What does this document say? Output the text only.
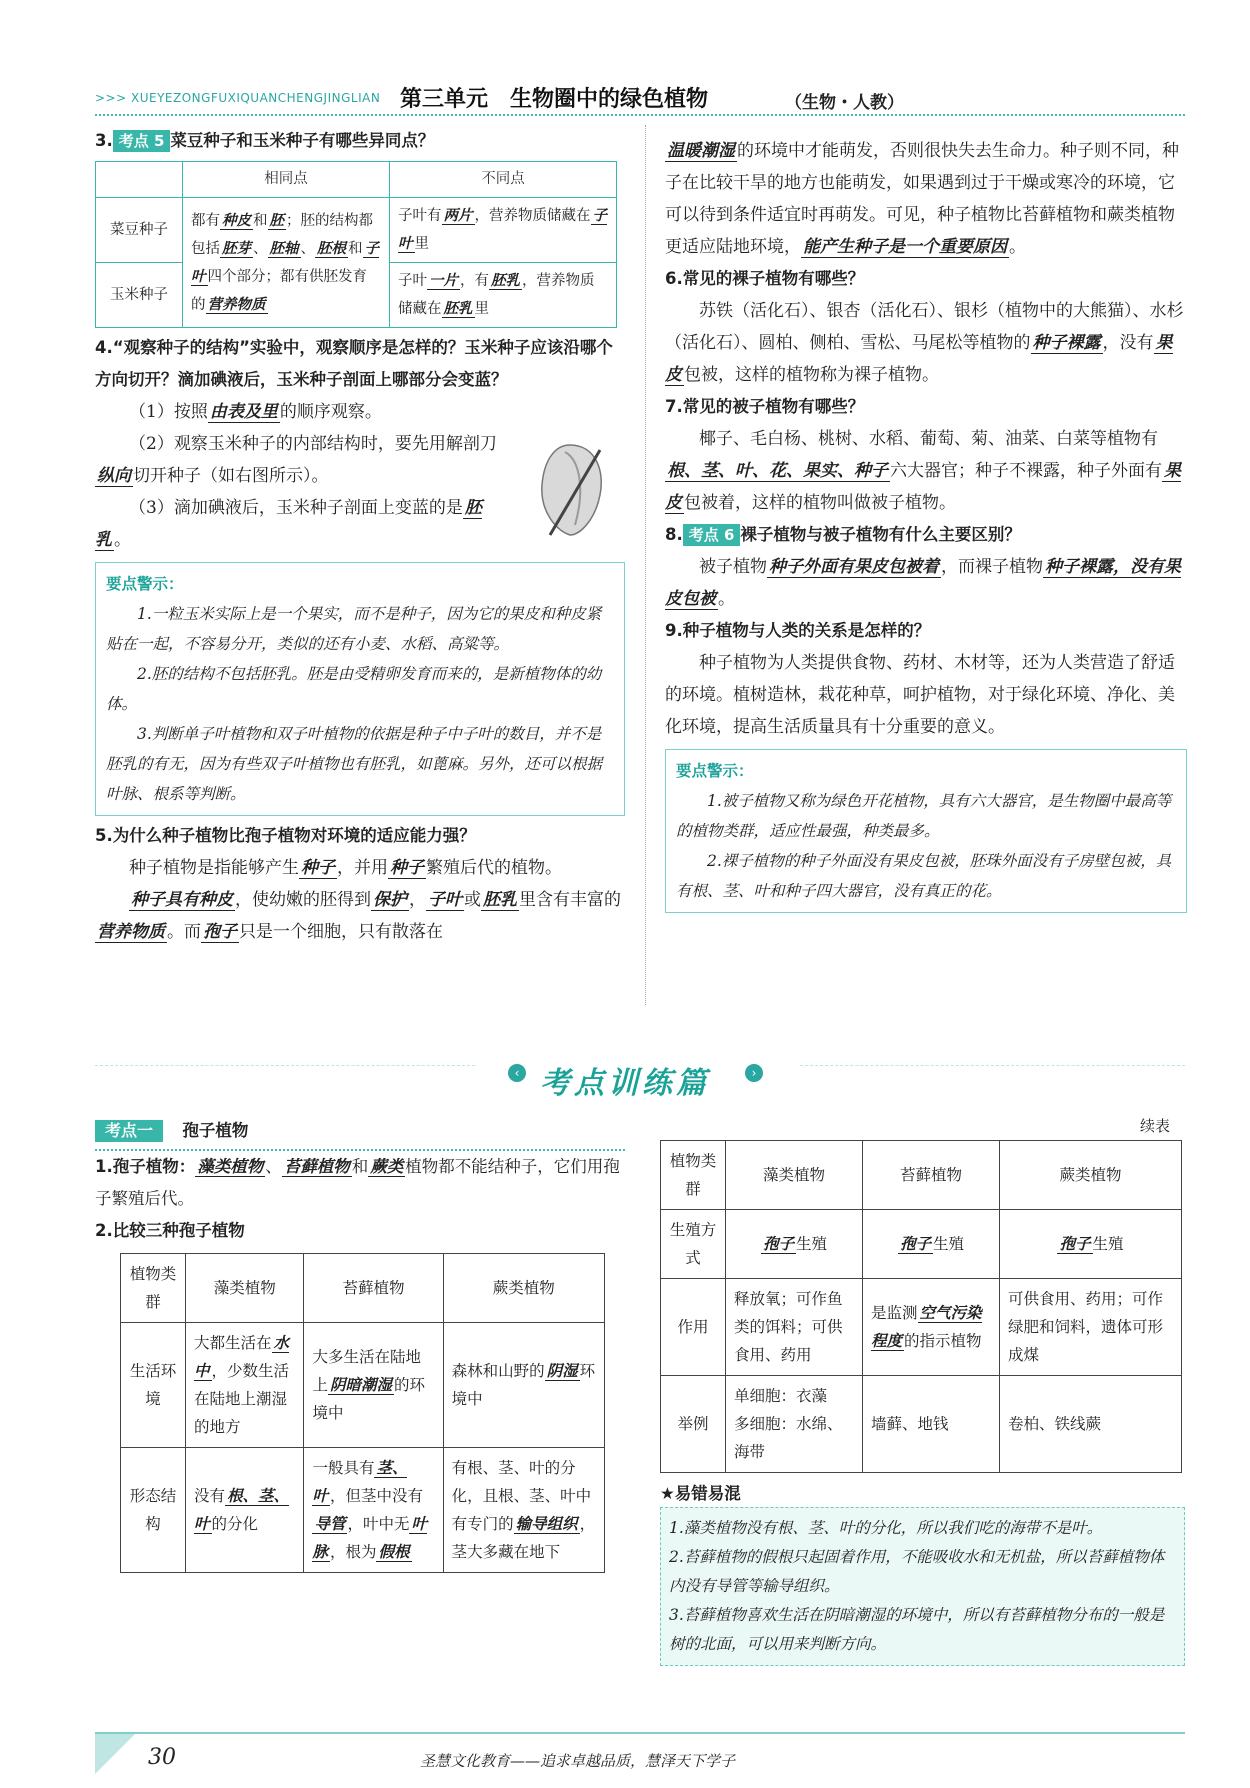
>>> XUEYEZONGFUXIQUANCHENGJINGLIAN 第三单元　生物圈中的绿色植物	（生物・人教）

3. 考点 5 菜豆种子和玉米种子有哪些异同点？

	相同点	不同点
菜豆种子	都有 种皮 和 胚 ；胚的结构都包括 胚芽 、 胚轴 、 胚根 和 子叶 四个部分；都有供胚发育的 营养物质	子叶有 两片 ，营养物质储藏在 子叶 里
玉米种子		子叶 一片 ，有 胚乳 ，营养物质储藏在 胚乳 里

4.“观察种子的结构”实验中，观察顺序是怎样的？玉米种子应该沿哪个方向切开？滴加碘液后，玉米种子剖面上哪部分会变蓝？

（1）按照 由表及里 的顺序观察。

（2）观察玉米种子的内部结构时，要先用解剖刀纵向 切开种子（如右图所示）。

（3）滴加碘液后，玉米种子剖面上变蓝的是 胚乳 。

要点警示：

1.一粒玉米实际上是一个果实，而不是种子，因为它的果皮和种皮紧贴在一起，不容易分开，类似的还有小麦、水稻、高粱等。

2.胚的结构不包括胚乳。胚是由受精卵发育而来的，是新植物体的幼体。

3.判断单子叶植物和双子叶植物的依据是种子中子叶的数目，并不是胚乳的有无，因为有些双子叶植物也有胚乳，如蓖麻。另外，还可以根据叶脉、根系等判断。

5.为什么种子植物比孢子植物对环境的适应能力强？

种子植物是指能够产生 种子 ，并用 种子 繁殖后代的植物。

种子具有种皮 ，使幼嫩的胚得到 保护 ， 子叶 或 胚乳 里含有丰富的营养物质 。而 孢子 只是一个细胞，只有散落在

温暖潮湿 的环境中才能萌发，否则很快失去生命力。种子则不同，种子在比较干旱的地方也能萌发，如果遇到过于干燥或寒冷的环境，它可以待到条件适宜时再萌发。可见，种子植物比苔藓植物和蕨类植物更适应陆地环境， 能产生种子是一个重要原因 。

6.常见的裸子植物有哪些？

苏铁（活化石）、银杏（活化石）、银杉（植物中的大熊猫）、水杉（活化石）、圆柏、侧柏、雪松、马尾松等植物的 种子裸露 ，没有 果皮 包被，这样的植物称为裸子植物。

7.常见的被子植物有哪些？

椰子、毛白杨、桃树、水稻、葡萄、菊、油菜、白菜等植物有根、茎、叶、花、果实、种子 六大器官；种子不裸露，种子外面有 果皮 包被着，这样的植物叫做被子植物。

8. 考点 6 裸子植物与被子植物有什么主要区别？

被子植物 种子外面有果皮包被着 ，而裸子植物 种子裸露，没有果皮包被 。

9.种子植物与人类的关系是怎样的？

种子植物为人类提供食物、药材、木材等，还为人类营造了舒适的环境。植树造林，栽花种草，呵护植物，对于绿化环境、净化、美化环境，提高生活质量具有十分重要的意义。

要点警示：

1.被子植物又称为绿色开花植物，具有六大器官，是生物圈中最高等的植物类群，适应性最强，种类最多。

2.裸子植物的种子外面没有果皮包被，胚珠外面没有子房壁包被，具有根、茎、叶和种子四大器官，没有真正的花。

‹ 考点训练篇	›
考点一 孢子植物

1.孢子植物： 藻类植物 、 苔藓植物 和 蕨类 植物都不能结种子，它们用孢子繁殖后代。

2.比较三种孢子植物

植物类群	藻类植物	苔藓植物	蕨类植物
生活环境	大都生活在 水中 ，少数生活在陆地上潮湿的地方	大多生活在陆地上 阴暗潮湿 的环境中	森林和山野的 阴湿 环境中
形态结构	没有 根、茎、叶 的分化	一般具有 茎、叶 ，但茎中没有导管 ，叶中无 叶脉 ，根为 假根	有根、茎、叶的分化，且根、茎、叶中有专门的 输导组织 ，茎大多藏在地下
续表
植物类群	藻类植物	苔藓植物	蕨类植物
生殖方式	孢子 生殖	孢子 生殖	孢子 生殖
作用	释放氧；可作鱼类的饵料；可供食用、药用	是监测 空气污染程度 的指示植物	可供食用、药用；可作绿肥和饲料，遗体可形成煤
举例	单细胞：衣藻　多细胞：水绵、海带	墙藓、地钱	卷柏、铁线蕨

★易错易混

1.藻类植物没有根、茎、叶的分化，所以我们吃的海带不是叶。

2.苔藓植物的假根只起固着作用，不能吸收水和无机盐，所以苔藓植物体内没有导管等输导组织。

3.苔藓植物喜欢生活在阴暗潮湿的环境中，所以有苔藓植物分布的一般是树的北面，可以用来判断方向。

30	圣慧文化教育——追求卓越品质，慧泽天下学子
